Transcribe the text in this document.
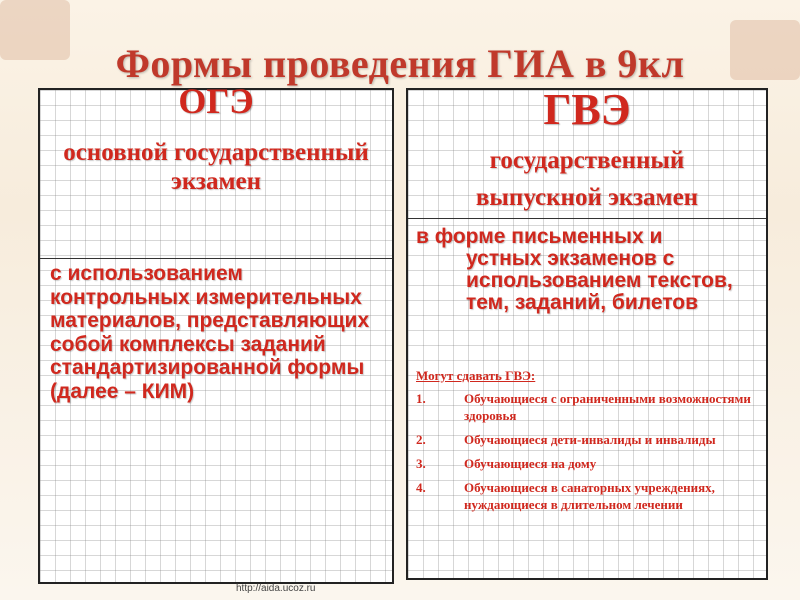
Формы проведения ГИА в 9кл
ОГЭ
основной государственный экзамен
с использованием контрольных измерительных материалов, представляющих собой комплексы заданий стандартизированной формы (далее – КИМ)
ГВЭ
государственный
выпускной экзамен
в форме письменных и
устных экзаменов с использованием текстов, тем, заданий, билетов
Могут сдавать ГВЭ:
1.	Обучающиеся с ограниченными возможностями здоровья
2.	Обучающиеся дети-инвалиды и инвалиды
3.	Обучающиеся на дому
4.	Обучающиеся в санаторных учреждениях, нуждающиеся в длительном лечении
http://aida.ucoz.ru
